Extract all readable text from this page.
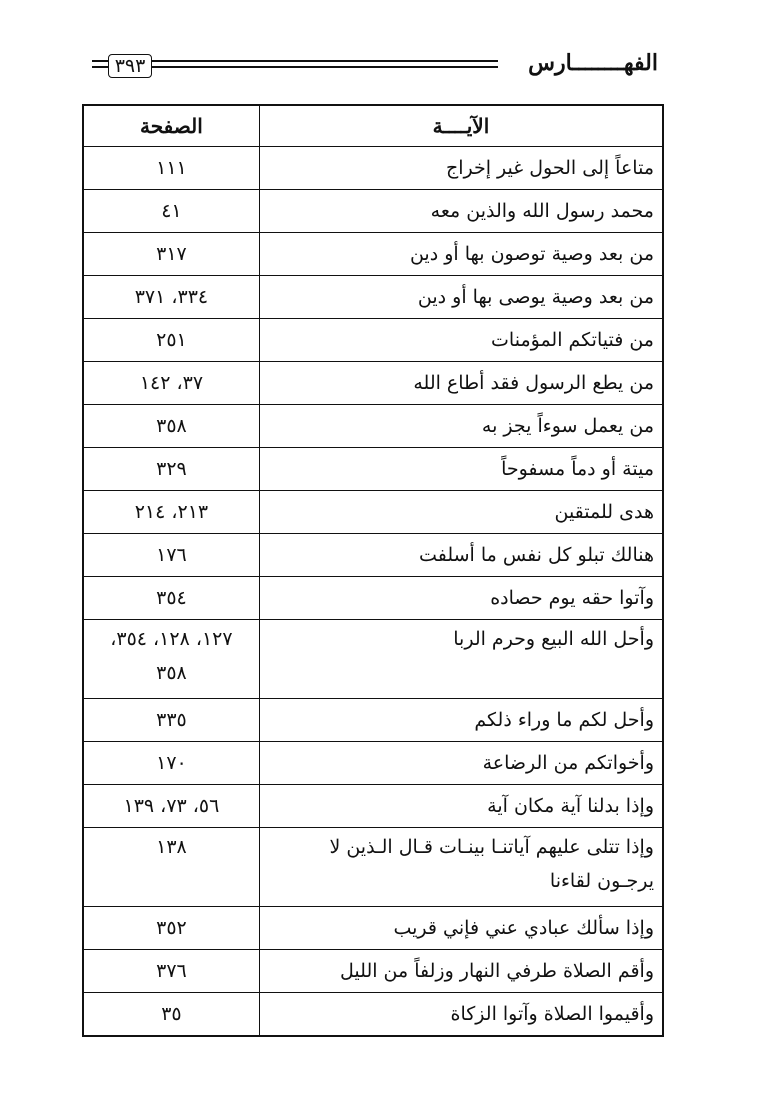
٣٩٣	الفهــــــــارس
الآيــــة	الصفحة
متاعاً إلى الحول غير إخراج	١١١
محمد رسول الله والذين معه	٤١
من بعد وصية توصون بها أو دين	٣١٧
من بعد وصية يوصى بها أو دين	٣٣٤، ٣٧١
من فتياتكم المؤمنات	٢٥١
من يطع الرسول فقد أطاع الله	٣٧، ١٤٢
من يعمل سوءاً يجز به	٣٥٨
ميتة أو دماً مسفوحاً	٣٢٩
هدى للمتقين	٢١٣، ٢١٤
هنالك تبلو كل نفس ما أسلفت	١٧٦
وآتوا حقه يوم حصاده	٣٥٤
وأحل الله البيع وحرم الربا	١٢٧، ١٢٨، ٣٥٤، ٣٥٨
وأحل لكم ما وراء ذلكم	٣٣٥
وأخواتكم من الرضاعة	١٧٠
وإذا بدلنا آية مكان آية	٥٦، ٧٣، ١٣٩
وإذا تتلى عليهم آياتنـا بينـات قـال الـذين لا يرجـون لقاءنا	١٣٨
وإذا سألك عبادي عني فإني قريب	٣٥٢
وأقم الصلاة طرفي النهار وزلفاً من الليل	٣٧٦
وأقيموا الصلاة وآتوا الزكاة	٣٥
